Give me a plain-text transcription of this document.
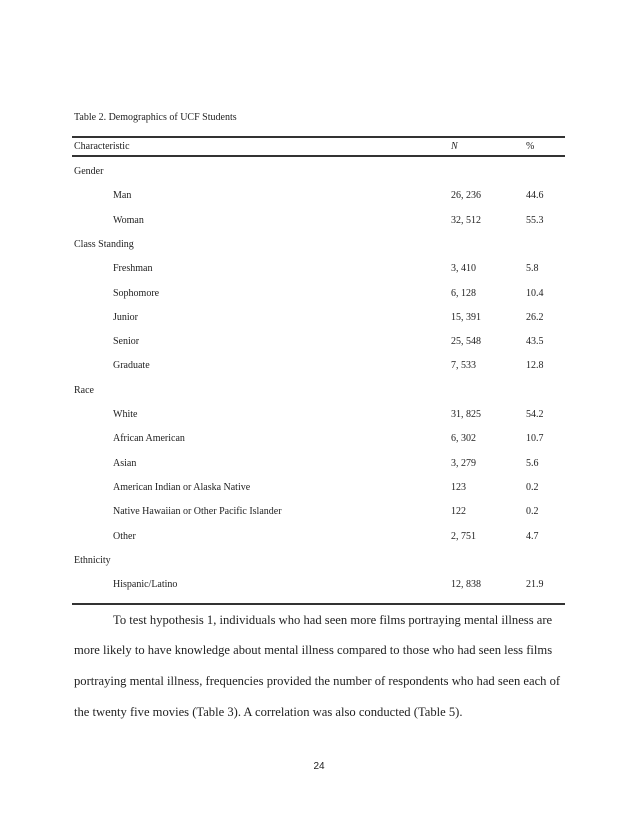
Table 2. Demographics of UCF Students
Characteristic	N	%
Gender
Man	26, 236	44.6
Woman	32, 512	55.3
Class Standing
Freshman	3, 410	5.8
Sophomore	6, 128	10.4
Junior	15, 391	26.2
Senior	25, 548	43.5
Graduate	7, 533	12.8
Race
White	31, 825	54.2
African American	6, 302	10.7
Asian	3, 279	5.6
American Indian or Alaska Native	123	0.2
Native Hawaiian or Other Pacific Islander	122	0.2
Other	2, 751	4.7
Ethnicity
Hispanic/Latino	12, 838	21.9
To test hypothesis 1, individuals who had seen more films portraying mental illness are
more likely to have knowledge about mental illness compared to those who had seen less films
portraying mental illness, frequencies provided the number of respondents who had seen each of
the twenty five movies (Table 3). A correlation was also conducted (Table 5).
24
